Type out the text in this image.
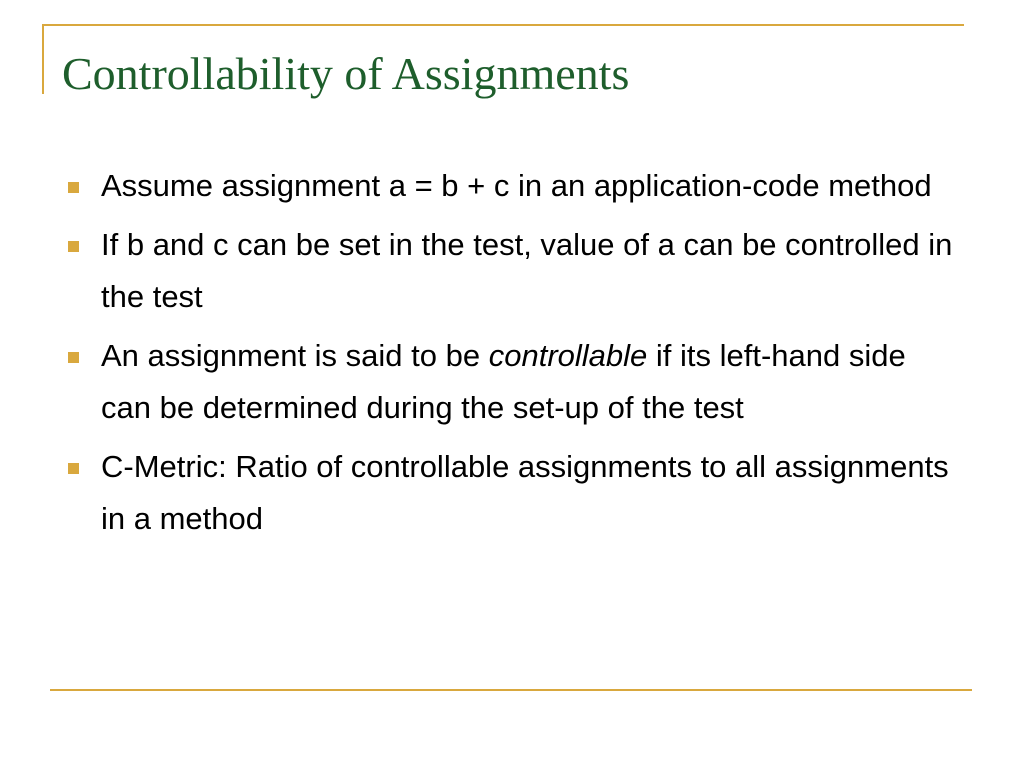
Controllability of Assignments
Assume assignment a = b + c in an application-code method
If b and c can be set in the test, value of a can be controlled in the test
An assignment is said to be controllable if its left-hand side can be determined during the set-up of the test
C-Metric: Ratio of controllable assignments to all assignments in a method
